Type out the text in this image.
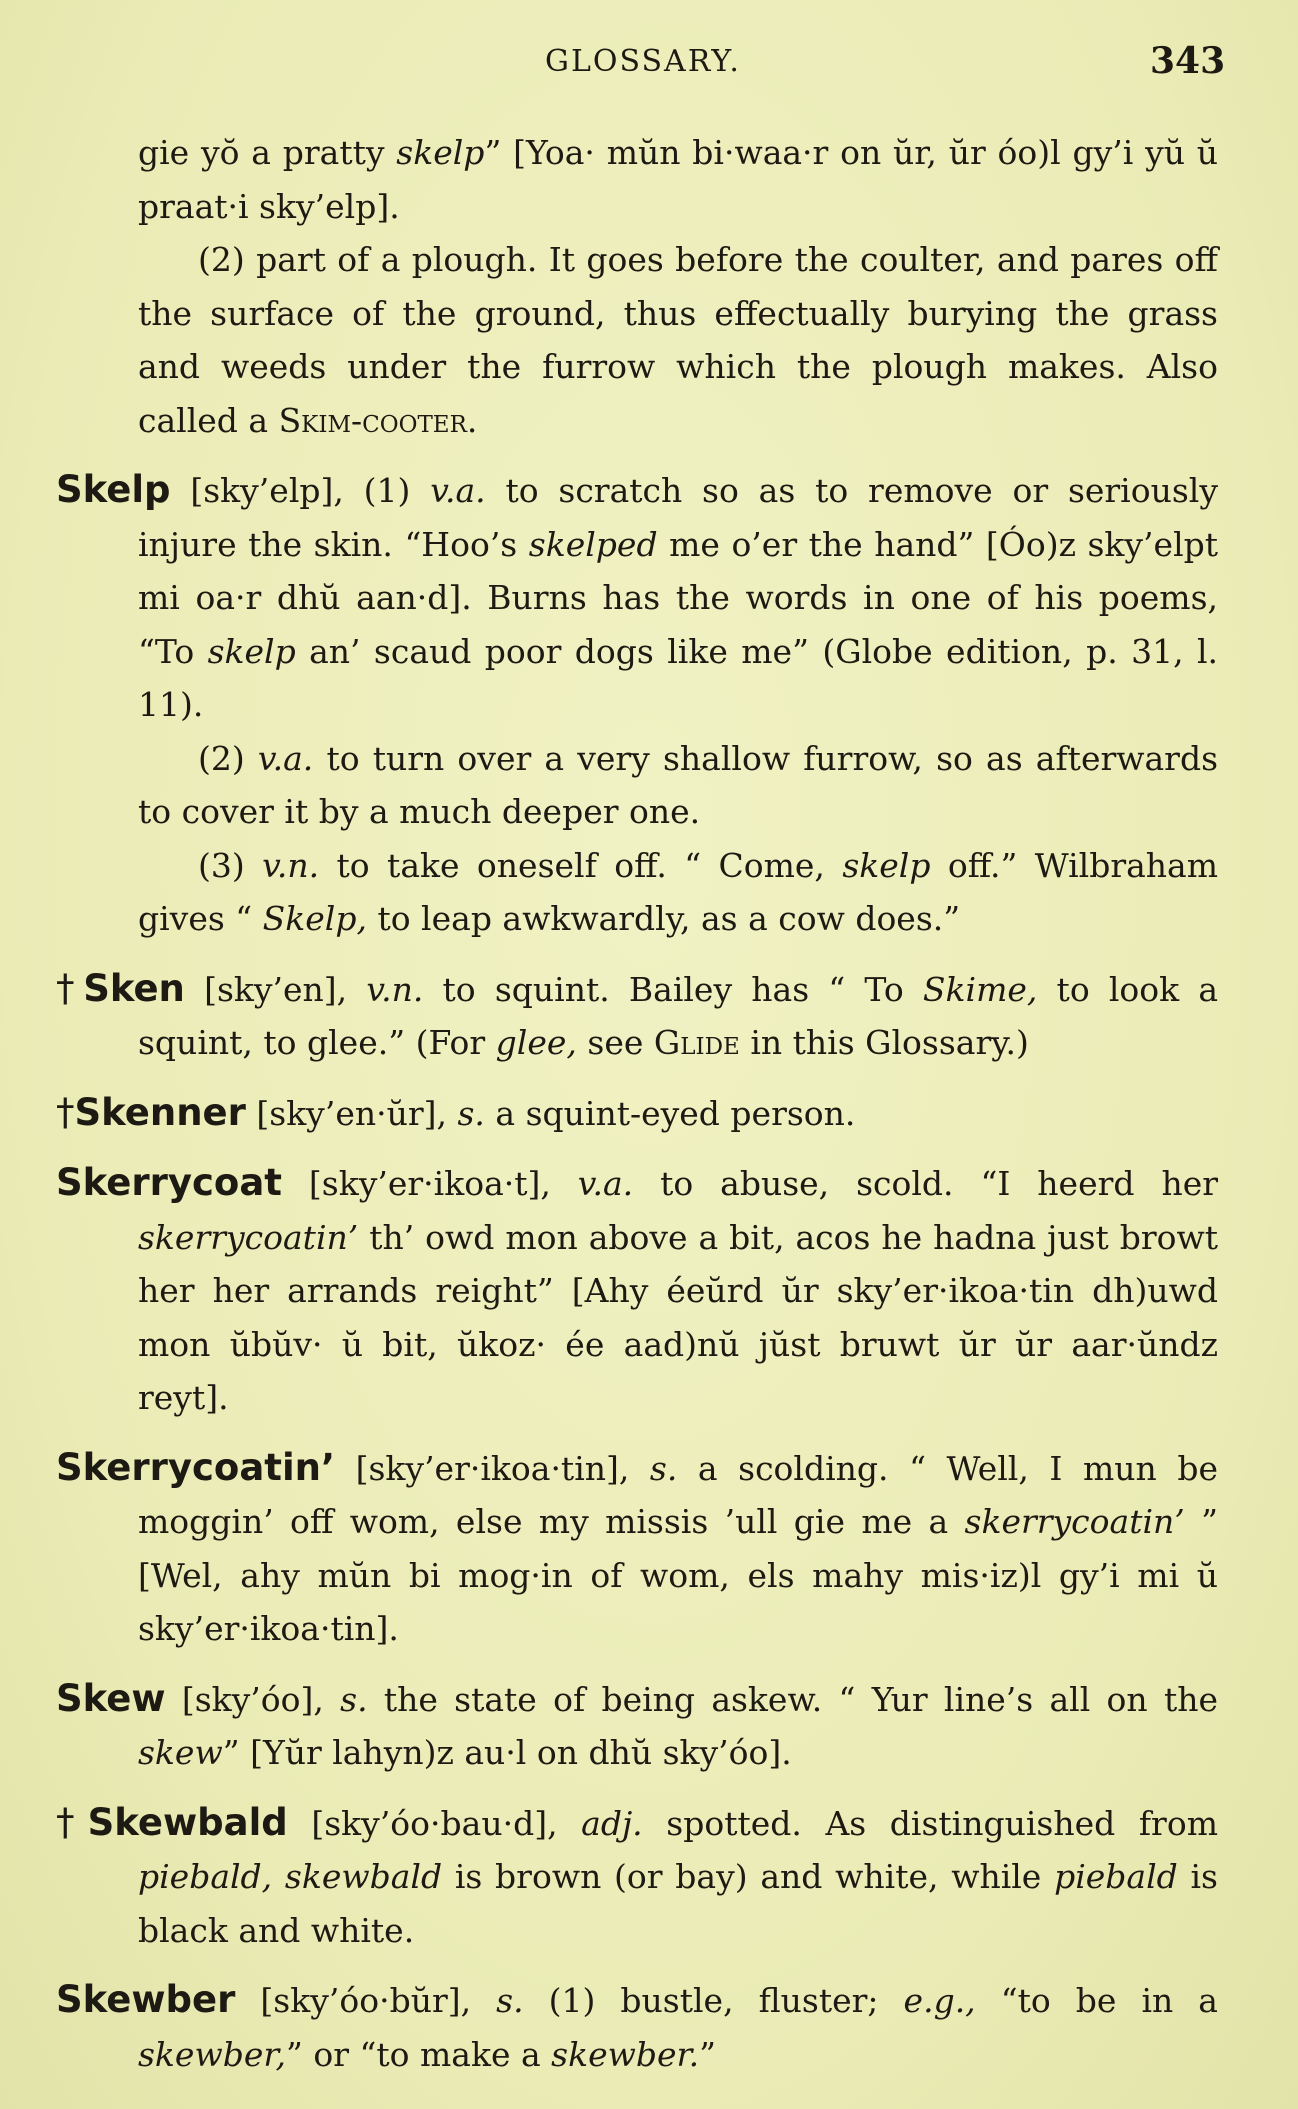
GLOSSARY.	343

gie yŏ a pratty skelp” [Yoa· mŭn bi·waa·r on ŭr, ŭr óo)l gy’i yŭ ŭ praat·i sky’elp].

(2) part of a plough. It goes before the coulter, and pares off the surface of the ground, thus effectually burying the grass and weeds under the furrow which the plough makes. Also called a Skim-cooter.

Skelp [sky’elp], (1) v.a. to scratch so as to remove or seriously injure the skin. “Hoo’s skelped me o’er the hand” [Óo)z sky’elpt mi oa·r dhŭ aan·d]. Burns has the words in one of his poems, “To skelp an’ scaud poor dogs like me” (Globe edition, p. 31, l. 11).

(2) v.a. to turn over a very shallow furrow, so as afterwards to cover it by a much deeper one.

(3) v.n. to take oneself off. “ Come, skelp off.” Wilbraham gives “ Skelp, to leap awkwardly, as a cow does.”

†Sken [sky’en], v.n. to squint. Bailey has “ To Skime, to look a squint, to glee.” (For glee, see Glide in this Glossary.)

†Skenner [sky’en·ŭr], s. a squint-eyed person.

Skerrycoat [sky’er·ikoa·t], v.a. to abuse, scold. “I heerd her skerrycoatin’ th’ owd mon above a bit, acos he hadna just browt her her arrands reight” [Ahy éeŭrd ŭr sky’er·ikoa·tin dh)uwd mon ŭbŭv· ŭ bit, ŭkoz· ée aad)nŭ jŭst bruwt ŭr ŭr aar·ŭndz reyt].

Skerrycoatin’ [sky’er·ikoa·tin], s. a scolding. “ Well, I mun be moggin’ off wom, else my missis ’ull gie me a skerrycoatin’ ” [Wel, ahy mŭn bi mog·in of wom, els mahy mis·iz)l gy’i mi ŭ sky’er·ikoa·tin].

Skew [sky’óo], s. the state of being askew. “ Yur line’s all on the skew” [Yŭr lahyn)z au·l on dhŭ sky’óo].

†Skewbald [sky’óo·bau·d], adj. spotted. As distinguished from piebald, skewbald is brown (or bay) and white, while piebald is black and white.

Skewber [sky’óo·bŭr], s. (1) bustle, fluster; e.g., “to be in a skewber,” or “to make a skewber.”
